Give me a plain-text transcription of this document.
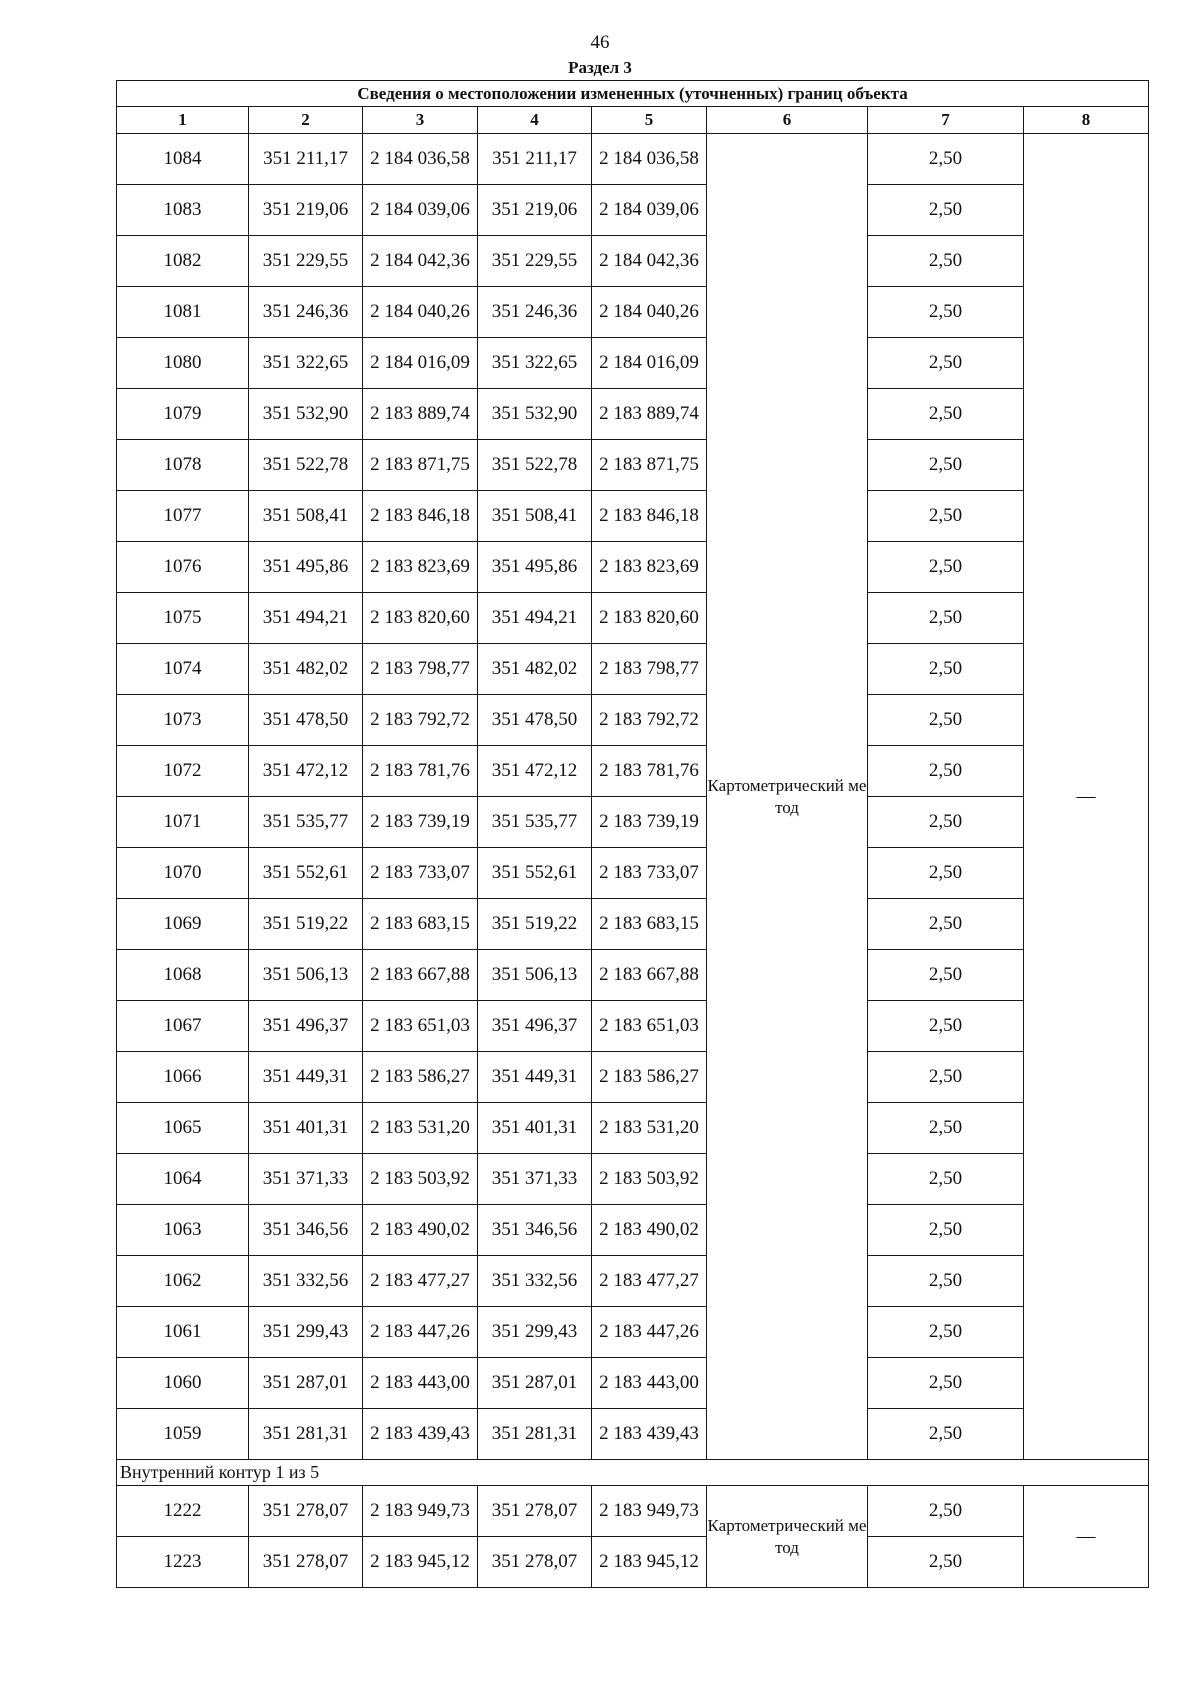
46
Раздел 3
Сведения о местоположении измененных (уточненных) границ объекта							
1	2	3	4	5	6	7	8
1084	351 211,17	2 184 036,58	351 211,17	2 184 036,58	Картометрический метод	2,50	—
1083	351 219,06	2 184 039,06	351 219,06	2 184 039,06		2,50	
1082	351 229,55	2 184 042,36	351 229,55	2 184 042,36		2,50	
1081	351 246,36	2 184 040,26	351 246,36	2 184 040,26		2,50	
1080	351 322,65	2 184 016,09	351 322,65	2 184 016,09		2,50	
1079	351 532,90	2 183 889,74	351 532,90	2 183 889,74		2,50	
1078	351 522,78	2 183 871,75	351 522,78	2 183 871,75		2,50	
1077	351 508,41	2 183 846,18	351 508,41	2 183 846,18		2,50	
1076	351 495,86	2 183 823,69	351 495,86	2 183 823,69		2,50	
1075	351 494,21	2 183 820,60	351 494,21	2 183 820,60		2,50	
1074	351 482,02	2 183 798,77	351 482,02	2 183 798,77		2,50	
1073	351 478,50	2 183 792,72	351 478,50	2 183 792,72		2,50	
1072	351 472,12	2 183 781,76	351 472,12	2 183 781,76		2,50	
1071	351 535,77	2 183 739,19	351 535,77	2 183 739,19		2,50	
1070	351 552,61	2 183 733,07	351 552,61	2 183 733,07		2,50	
1069	351 519,22	2 183 683,15	351 519,22	2 183 683,15		2,50	
1068	351 506,13	2 183 667,88	351 506,13	2 183 667,88		2,50	
1067	351 496,37	2 183 651,03	351 496,37	2 183 651,03		2,50	
1066	351 449,31	2 183 586,27	351 449,31	2 183 586,27		2,50	
1065	351 401,31	2 183 531,20	351 401,31	2 183 531,20		2,50	
1064	351 371,33	2 183 503,92	351 371,33	2 183 503,92		2,50	
1063	351 346,56	2 183 490,02	351 346,56	2 183 490,02		2,50	
1062	351 332,56	2 183 477,27	351 332,56	2 183 477,27		2,50	
1061	351 299,43	2 183 447,26	351 299,43	2 183 447,26		2,50	
1060	351 287,01	2 183 443,00	351 287,01	2 183 443,00		2,50	
1059	351 281,31	2 183 439,43	351 281,31	2 183 439,43		2,50	
Внутренний контур 1 из 5							
1222	351 278,07	2 183 949,73	351 278,07	2 183 949,73	Картометрический метод	2,50	—
1223	351 278,07	2 183 945,12	351 278,07	2 183 945,12		2,50	
